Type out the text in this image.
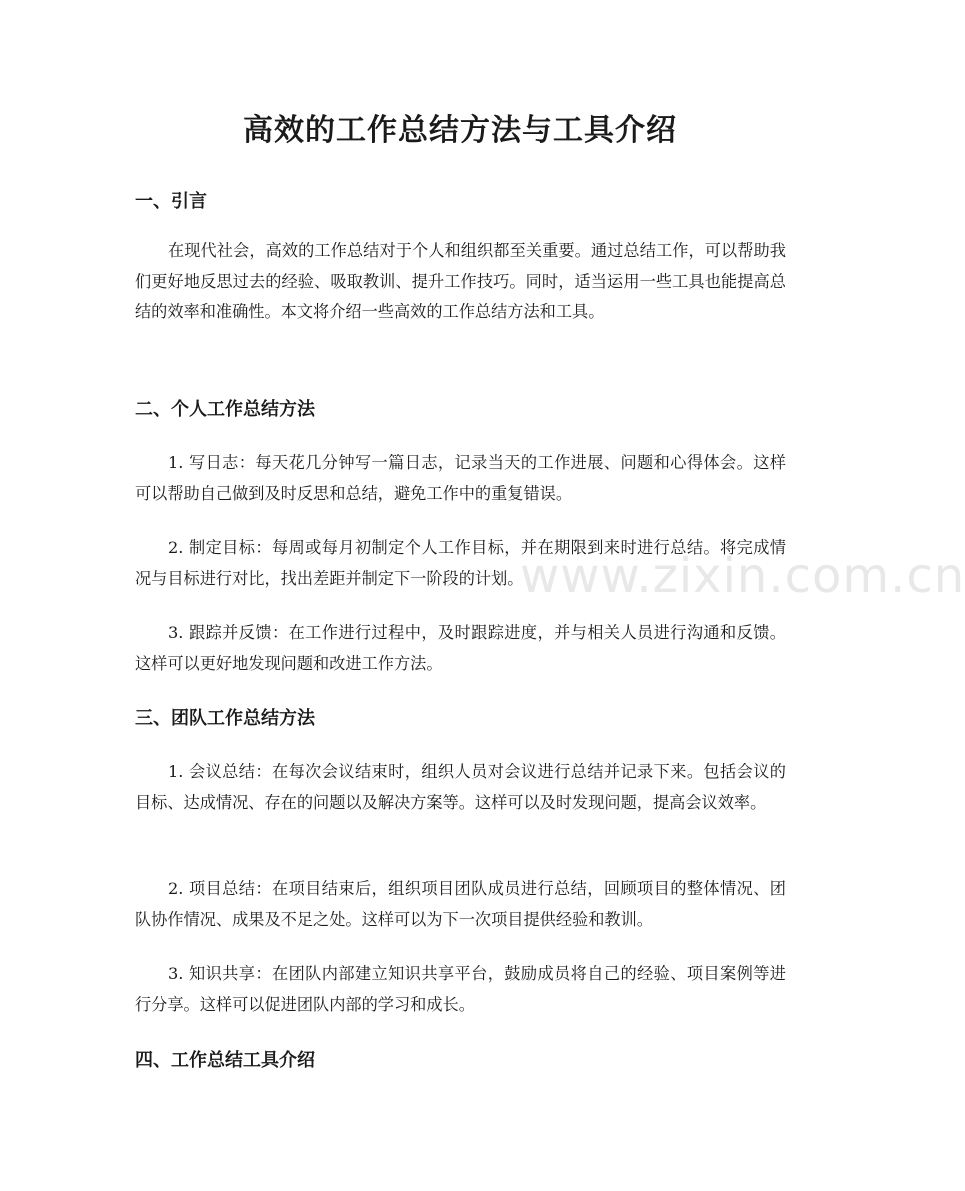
www.zixin.com.cn
高效的工作总结方法与工具介绍
一、引言

在现代社会，高效的工作总结对于个人和组织都至关重要。通过总结工作，可以帮助我们更好地反思过去的经验、吸取教训、提升工作技巧。同时，适当运用一些工具也能提高总结的效率和准确性。本文将介绍一些高效的工作总结方法和工具。

二、个人工作总结方法

1. 写日志：每天花几分钟写一篇日志，记录当天的工作进展、问题和心得体会。这样可以帮助自己做到及时反思和总结，避免工作中的重复错误。

2. 制定目标：每周或每月初制定个人工作目标，并在期限到来时进行总结。将完成情况与目标进行对比，找出差距并制定下一阶段的计划。

3. 跟踪并反馈：在工作进行过程中，及时跟踪进度，并与相关人员进行沟通和反馈。这样可以更好地发现问题和改进工作方法。

三、团队工作总结方法

1. 会议总结：在每次会议结束时，组织人员对会议进行总结并记录下来。包括会议的目标、达成情况、存在的问题以及解决方案等。这样可以及时发现问题，提高会议效率。

2. 项目总结：在项目结束后，组织项目团队成员进行总结，回顾项目的整体情况、团队协作情况、成果及不足之处。这样可以为下一次项目提供经验和教训。

3. 知识共享：在团队内部建立知识共享平台，鼓励成员将自己的经验、项目案例等进行分享。这样可以促进团队内部的学习和成长。

四、工作总结工具介绍
